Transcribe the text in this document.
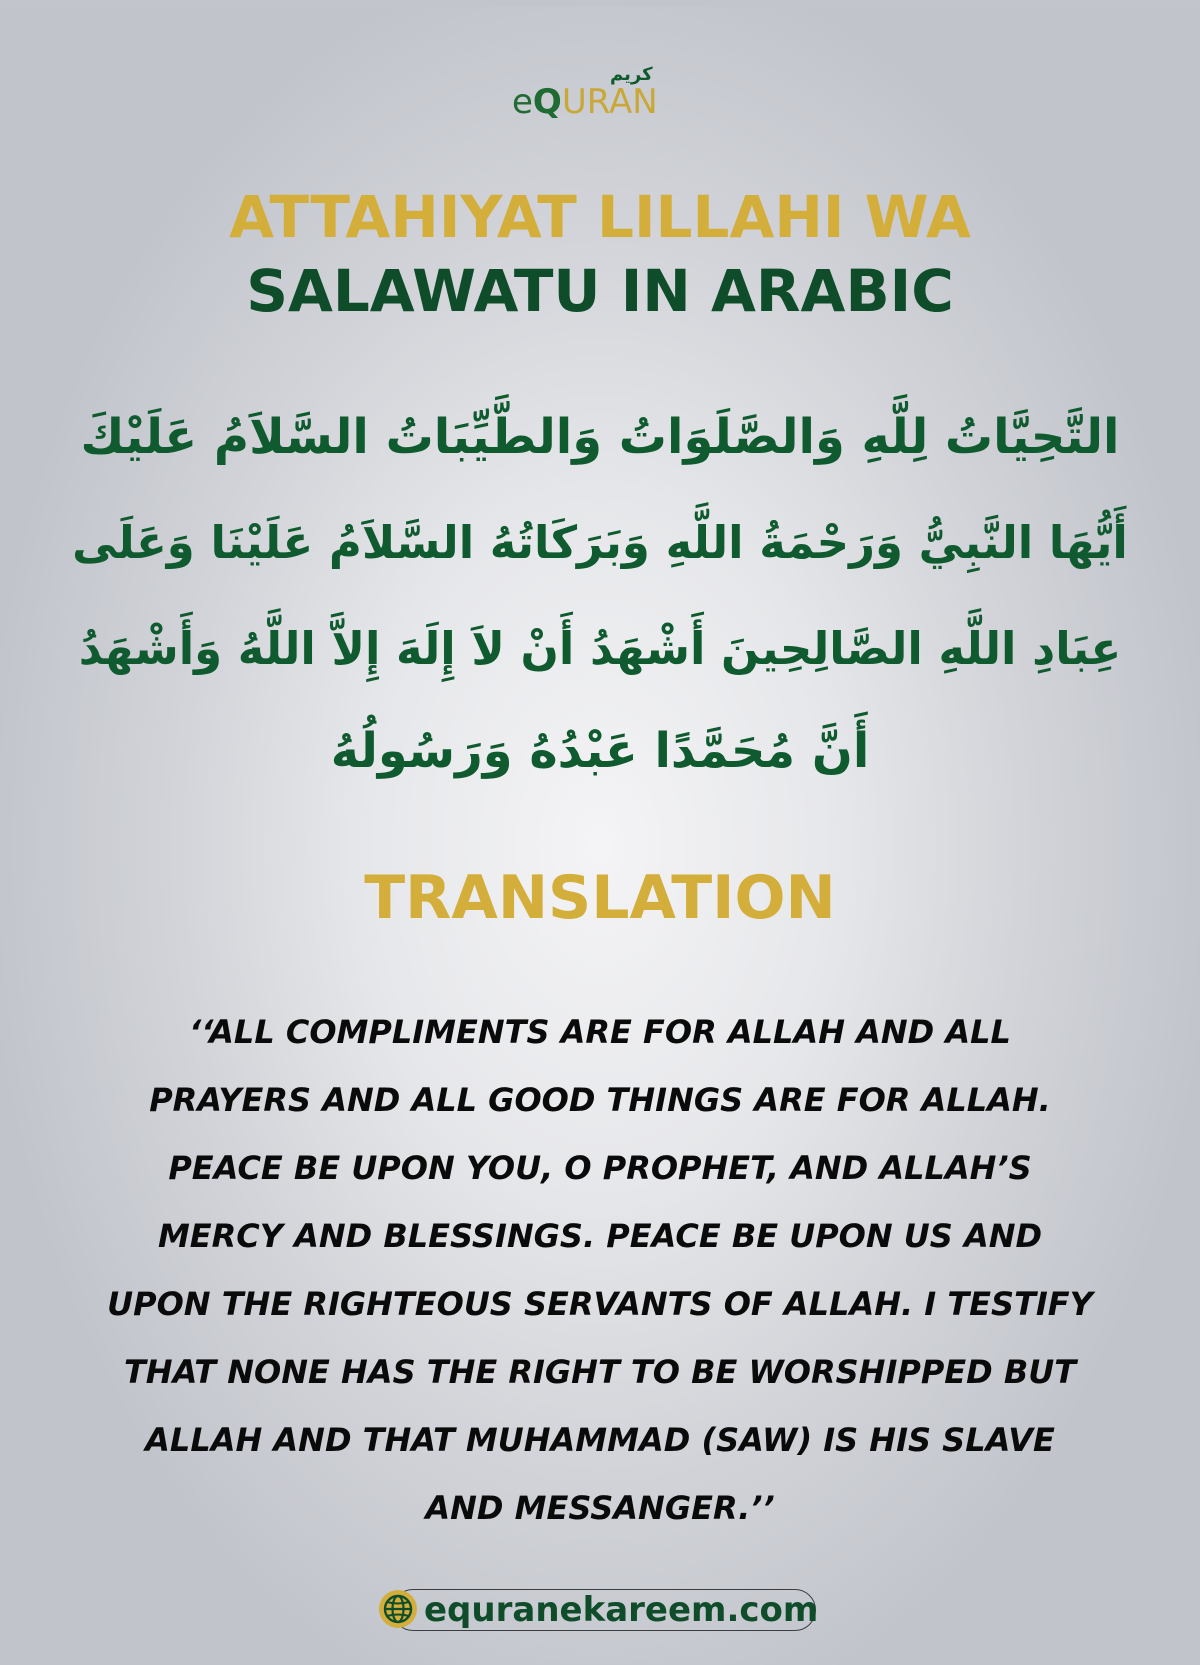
كريم
eQURAN
ATTAHIYAT LILLAHI WA
SALAWATU IN ARABIC
التَّحِيَّاتُ لِلَّهِ وَالصَّلَوَاتُ وَالطَّيِّبَاتُ السَّلاَمُ عَلَيْكَ
أَيُّهَا النَّبِيُّ وَرَحْمَةُ اللَّهِ وَبَرَكَاتُهُ السَّلاَمُ عَلَيْنَا وَعَلَى
عِبَادِ اللَّهِ الصَّالِحِينَ أَشْهَدُ أَنْ لاَ إِلَهَ إِلاَّ اللَّهُ وَأَشْهَدُ
أَنَّ مُحَمَّدًا عَبْدُهُ وَرَسُولُهُ
TRANSLATION
‘‘ALL COMPLIMENTS ARE FOR ALLAH AND ALL
PRAYERS AND ALL GOOD THINGS ARE FOR ALLAH.
PEACE BE UPON YOU, O PROPHET, AND ALLAH’S
MERCY AND BLESSINGS. PEACE BE UPON US AND
UPON THE RIGHTEOUS SERVANTS OF ALLAH. I TESTIFY
THAT NONE HAS THE RIGHT TO BE WORSHIPPED BUT
ALLAH AND THAT MUHAMMAD (SAW) IS HIS SLAVE
AND MESSANGER.’’
equranekareem.com
